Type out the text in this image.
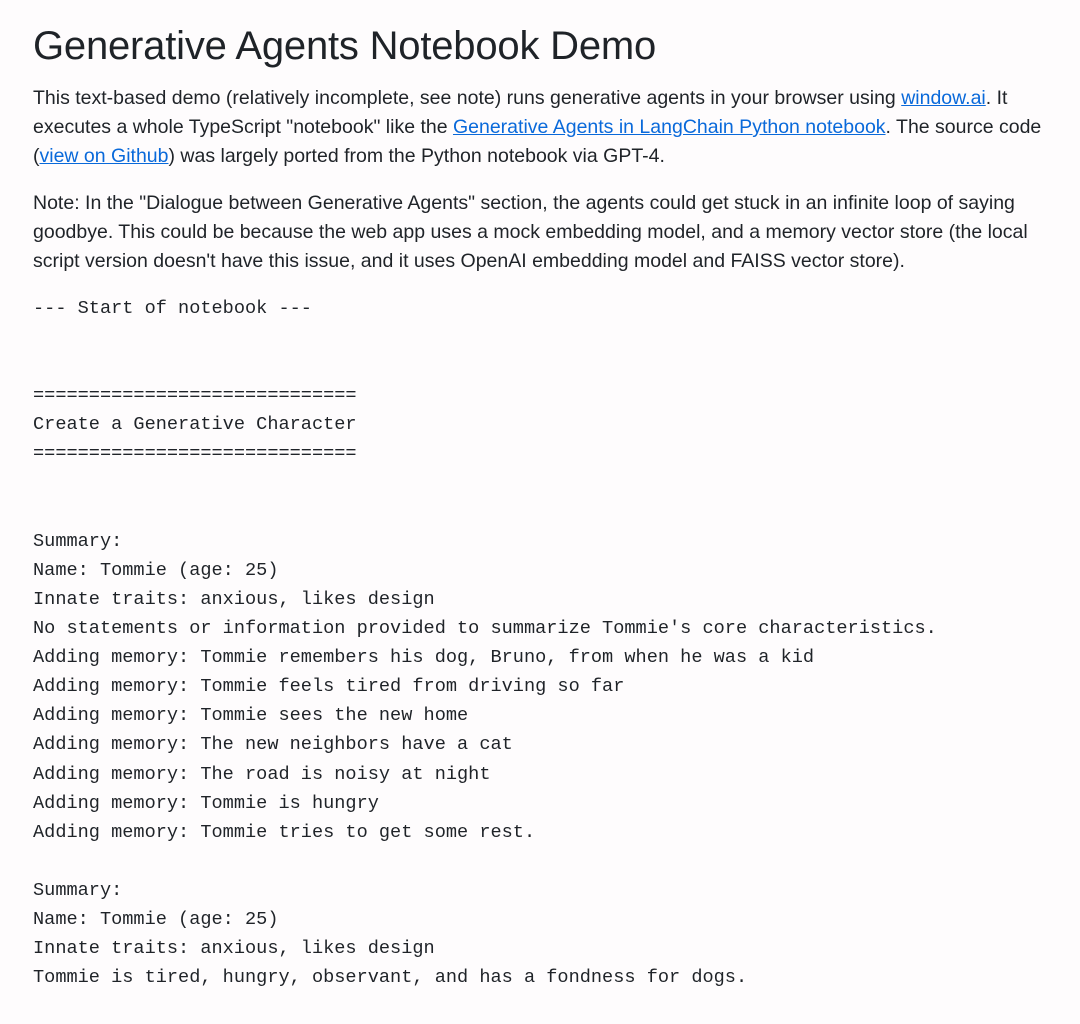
Generative Agents Notebook Demo

This text-based demo (relatively incomplete, see note) runs generative agents in your browser using window.ai. It executes a whole TypeScript "notebook" like the Generative Agents in LangChain Python notebook. The source code (view on Github) was largely ported from the Python notebook via GPT-4.

Note: In the "Dialogue between Generative Agents" section, the agents could get stuck in an infinite loop of saying goodbye. This could be because the web app uses a mock embedding model, and a memory vector store (the local script version doesn't have this issue, and it uses OpenAI embedding model and FAISS vector store).

--- Start of notebook ---
=============================
Create a Generative Character
=============================
Summary:
Name: Tommie (age: 25)
Innate traits: anxious, likes design
No statements or information provided to summarize Tommie's core characteristics.
Adding memory: Tommie remembers his dog, Bruno, from when he was a kid
Adding memory: Tommie feels tired from driving so far
Adding memory: Tommie sees the new home
Adding memory: The new neighbors have a cat
Adding memory: The road is noisy at night
Adding memory: Tommie is hungry
Adding memory: Tommie tries to get some rest.
Summary:
Name: Tommie (age: 25)
Innate traits: anxious, likes design
Tommie is tired, hungry, observant, and has a fondness for dogs.
